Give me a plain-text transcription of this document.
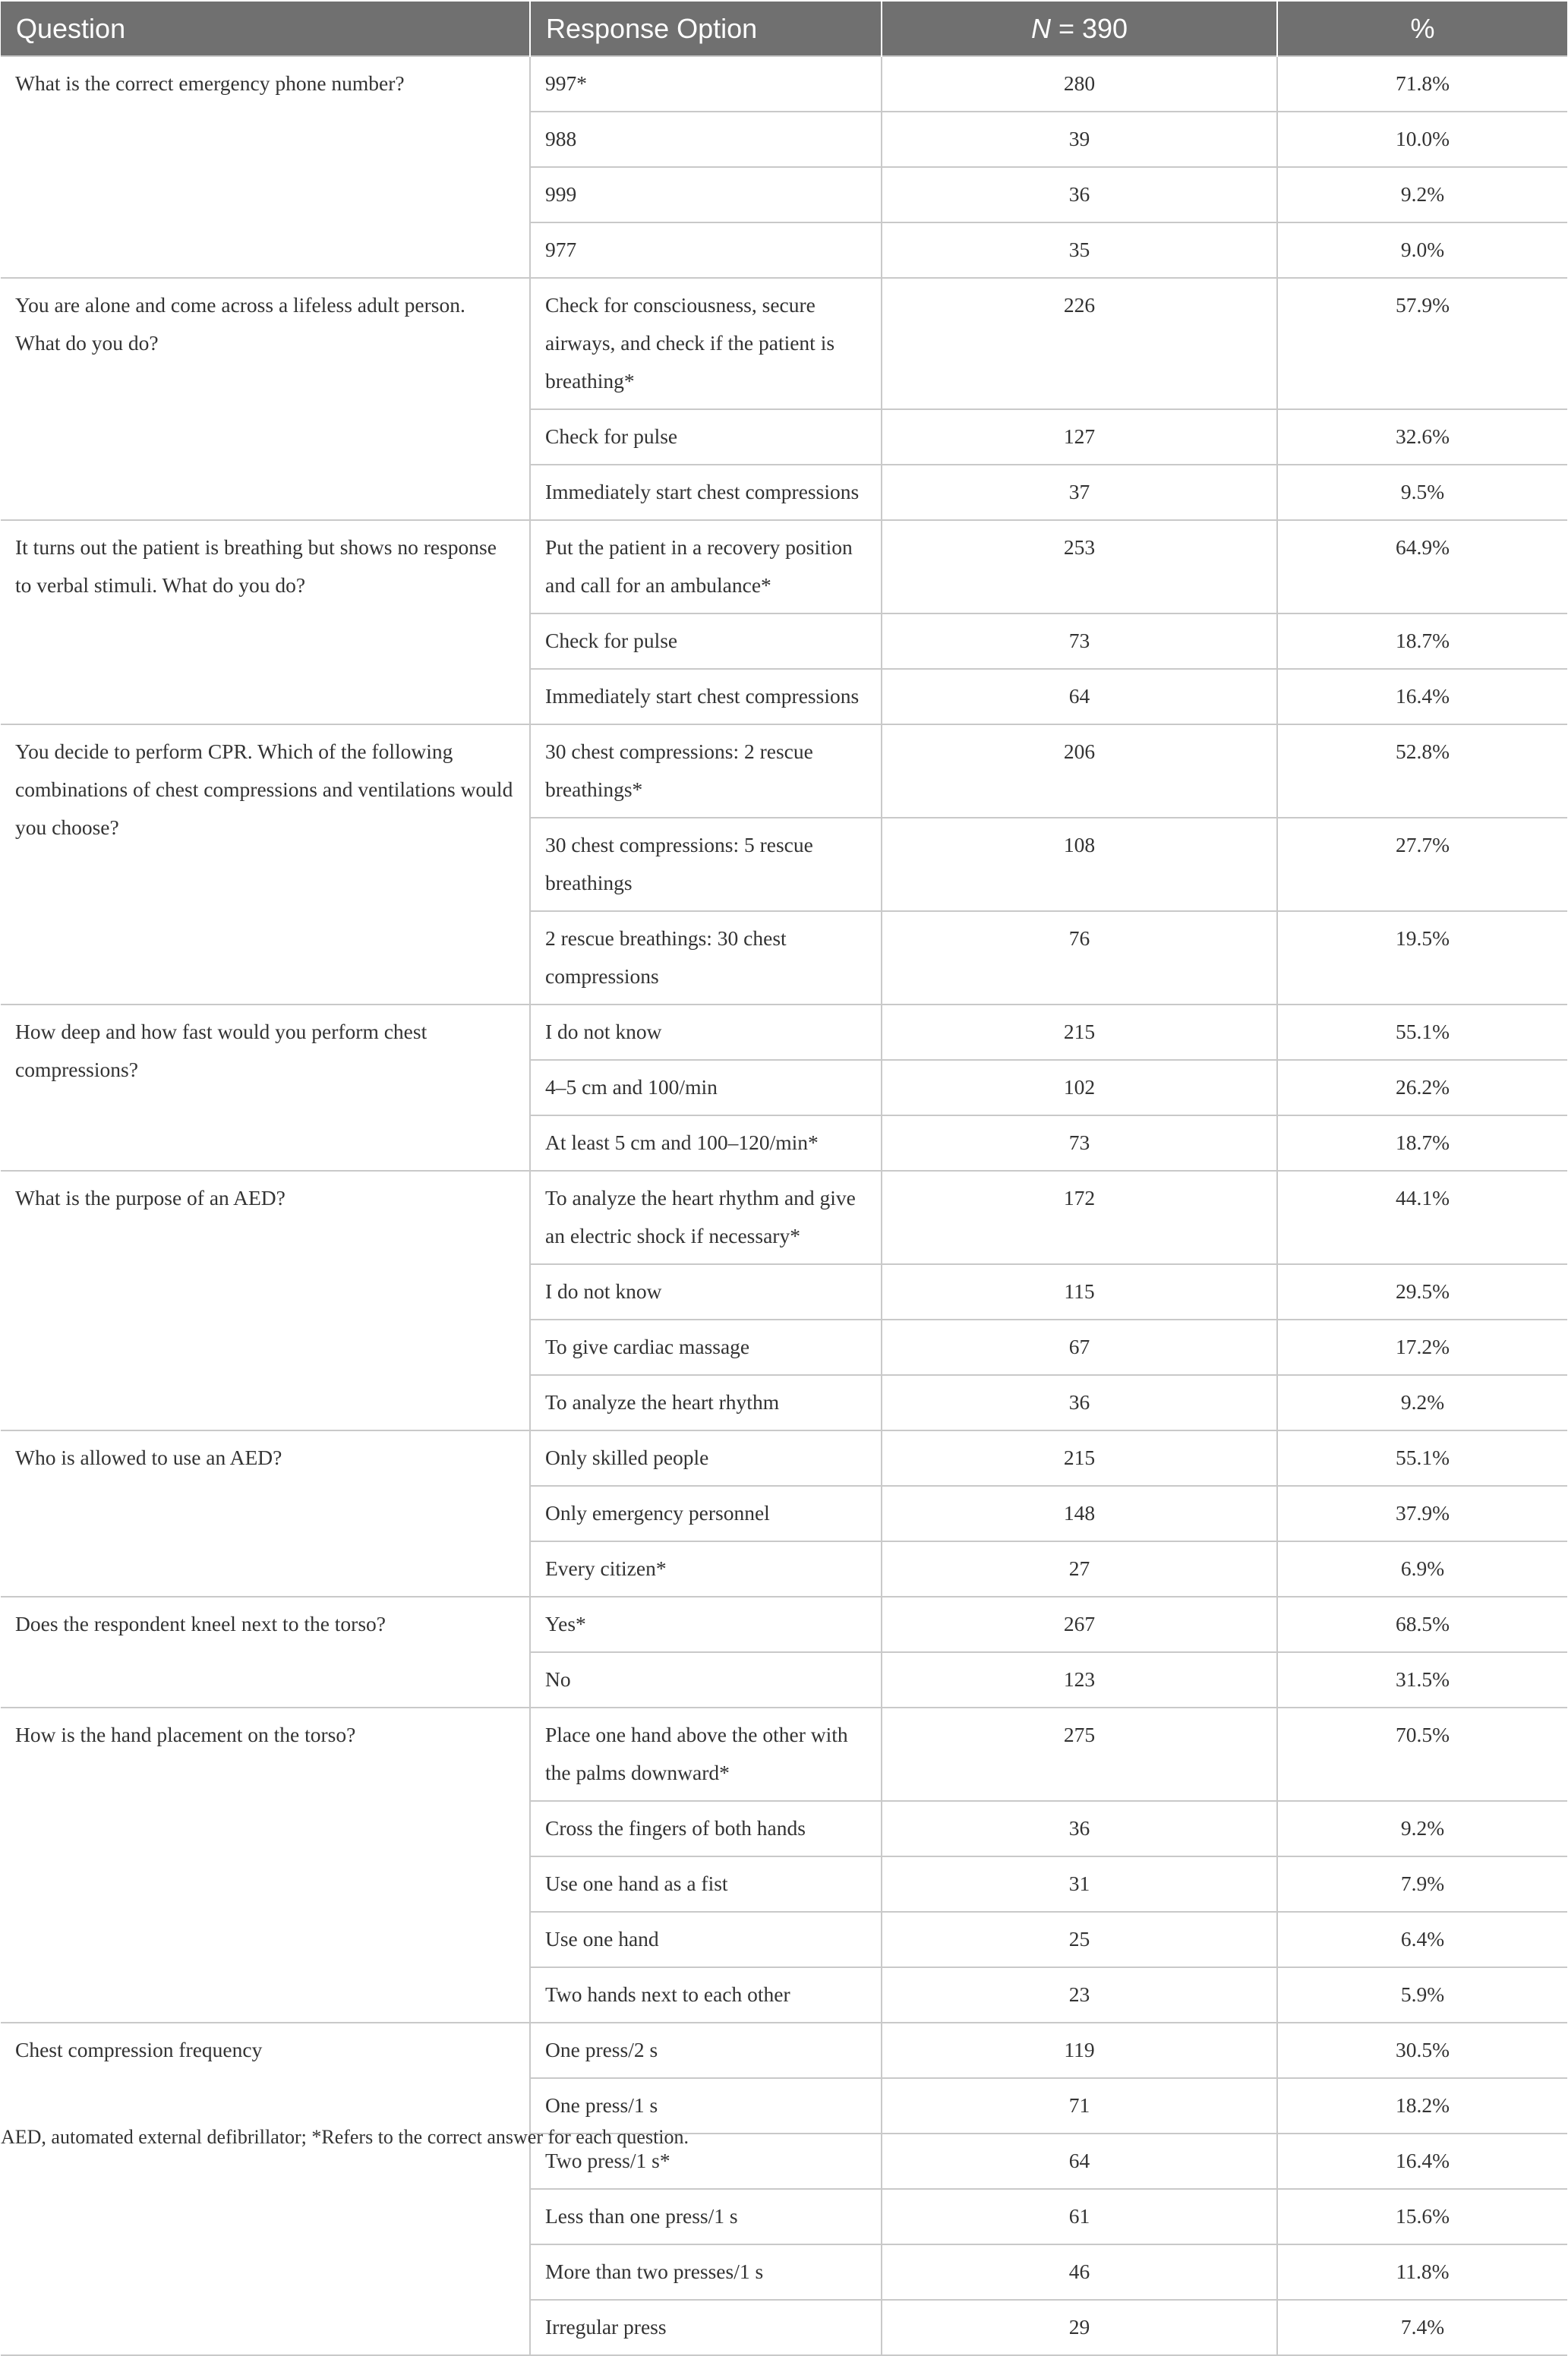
Question	Response Option	N = 390	%
What is the correct emergency phone number?	997*	280	71.8%
	988	39	10.0%
	999	36	9.2%
	977	35	9.0%
You are alone and come across a lifeless adult person. What do you do?	Check for consciousness, secure airways, and check if the patient is breathing*	226	57.9%
	Check for pulse	127	32.6%
	Immediately start chest compressions	37	9.5%
It turns out the patient is breathing but shows no response to verbal stimuli. What do you do?	Put the patient in a recovery position and call for an ambulance*	253	64.9%
	Check for pulse	73	18.7%
	Immediately start chest compressions	64	16.4%
You decide to perform CPR. Which of the following combinations of chest compressions and ventilations would you choose?	30 chest compressions: 2 rescue breathings*	206	52.8%
	30 chest compressions: 5 rescue breathings	108	27.7%
	2 rescue breathings: 30 chest compressions	76	19.5%
How deep and how fast would you perform chest compressions?	I do not know	215	55.1%
	4–5 cm and 100/min	102	26.2%
	At least 5 cm and 100–120/min*	73	18.7%
What is the purpose of an AED?	To analyze the heart rhythm and give an electric shock if necessary*	172	44.1%
	I do not know	115	29.5%
	To give cardiac massage	67	17.2%
	To analyze the heart rhythm	36	9.2%
Who is allowed to use an AED?	Only skilled people	215	55.1%
	Only emergency personnel	148	37.9%
	Every citizen*	27	6.9%
Does the respondent kneel next to the torso?	Yes*	267	68.5%
	No	123	31.5%
How is the hand placement on the torso?	Place one hand above the other with the palms downward*	275	70.5%
	Cross the fingers of both hands	36	9.2%
	Use one hand as a fist	31	7.9%
	Use one hand	25	6.4%
	Two hands next to each other	23	5.9%
Chest compression frequency	One press/2 s	119	30.5%
	One press/1 s	71	18.2%
	Two press/1 s*	64	16.4%
	Less than one press/1 s	61	15.6%
	More than two presses/1 s	46	11.8%
	Irregular press	29	7.4%
AED, automated external defibrillator; *Refers to the correct answer for each question.
